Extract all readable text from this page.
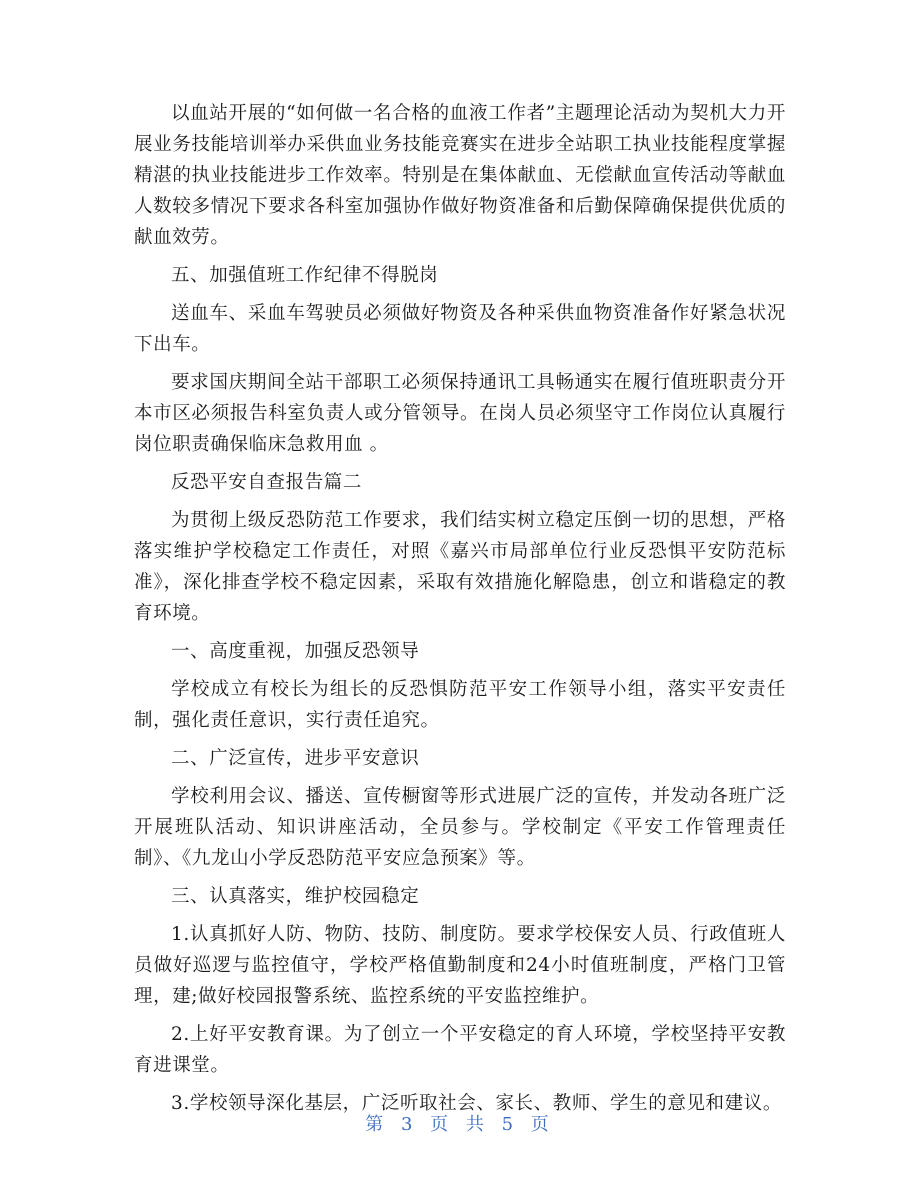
以血站开展的“如何做一名合格的血液工作者”主题理论活动为契机大力开展业务技能培训举办采供血业务技能竞赛实在进步全站职工执业技能程度掌握精湛的执业技能进步工作效率。特别是在集体献血、无偿献血宣传活动等献血人数较多情况下要求各科室加强协作做好物资准备和后勤保障确保提供优质的献血效劳。

五、加强值班工作纪律不得脱岗

送血车、采血车驾驶员必须做好物资及各种采供血物资准备作好紧急状况下出车。

要求国庆期间全站干部职工必须保持通讯工具畅通实在履行值班职责分开本市区必须报告科室负责人或分管领导。在岗人员必须坚守工作岗位认真履行岗位职责确保临床急救用血 。

反恐平安自查报告篇二

为贯彻上级反恐防范工作要求，我们结实树立稳定压倒一切的思想，严格落实维护学校稳定工作责任，对照《嘉兴市局部单位行业反恐惧平安防范标准》，深化排查学校不稳定因素，采取有效措施化解隐患，创立和谐稳定的教育环境。

一、高度重视，加强反恐领导

学校成立有校长为组长的反恐惧防范平安工作领导小组，落实平安责任制，强化责任意识，实行责任追究。

二、广泛宣传，进步平安意识

学校利用会议、播送、宣传橱窗等形式进展广泛的宣传，并发动各班广泛开展班队活动、知识讲座活动，全员参与。学校制定《平安工作管理责任制》、《九龙山小学反恐防范平安应急预案》等。

三、认真落实，维护校园稳定

1.认真抓好人防、物防、技防、制度防。要求学校保安人员、行政值班人员做好巡逻与监控值守，学校严格值勤制度和24小时值班制度，严格门卫管理，建;做好校园报警系统、监控系统的平安监控维护。

2.上好平安教育课。为了创立一个平安稳定的育人环境，学校坚持平安教育进课堂。

3.学校领导深化基层，广泛听取社会、家长、教师、学生的意见和建议。

第 3 页 共 5 页
